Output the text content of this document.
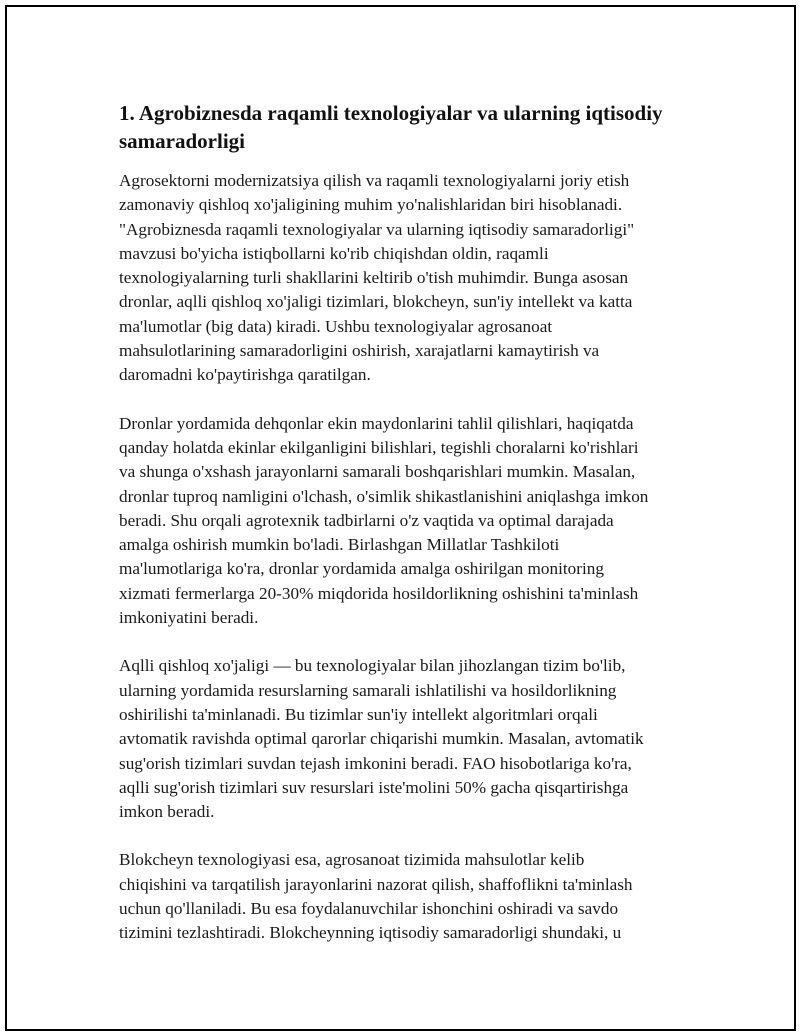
1. Agrobiznesda raqamli texnologiyalar va ularning iqtisodiy
samaradorligi

Agrosektorni modernizatsiya qilish va raqamli texnologiyalarni joriy etish
zamonaviy qishloq xo'jaligining muhim yo'nalishlaridan biri hisoblanadi.
"Agrobiznesda raqamli texnologiyalar va ularning iqtisodiy samaradorligi"
mavzusi bo'yicha istiqbollarni ko'rib chiqishdan oldin, raqamli
texnologiyalarning turli shakllarini keltirib o'tish muhimdir. Bunga asosan
dronlar, aqlli qishloq xo'jaligi tizimlari, blokcheyn, sun'iy intellekt va katta
ma'lumotlar (big data) kiradi. Ushbu texnologiyalar agrosanoat
mahsulotlarining samaradorligini oshirish, xarajatlarni kamaytirish va
daromadni ko'paytirishga qaratilgan.

Dronlar yordamida dehqonlar ekin maydonlarini tahlil qilishlari, haqiqatda
qanday holatda ekinlar ekilganligini bilishlari, tegishli choralarni ko'rishlari
va shunga o'xshash jarayonlarni samarali boshqarishlari mumkin. Masalan,
dronlar tuproq namligini o'lchash, o'simlik shikastlanishini aniqlashga imkon
beradi. Shu orqali agrotexnik tadbirlarni o'z vaqtida va optimal darajada
amalga oshirish mumkin bo'ladi. Birlashgan Millatlar Tashkiloti
ma'lumotlariga ko'ra, dronlar yordamida amalga oshirilgan monitoring
xizmati fermerlarga 20-30% miqdorida hosildorlikning oshishini ta'minlash
imkoniyatini beradi.

Aqlli qishloq xo'jaligi — bu texnologiyalar bilan jihozlangan tizim bo'lib,
ularning yordamida resurslarning samarali ishlatilishi va hosildorlikning
oshirilishi ta'minlanadi. Bu tizimlar sun'iy intellekt algoritmlari orqali
avtomatik ravishda optimal qarorlar chiqarishi mumkin. Masalan, avtomatik
sug'orish tizimlari suvdan tejash imkonini beradi. FAO hisobotlariga ko'ra,
aqlli sug'orish tizimlari suv resurslari iste'molini 50% gacha qisqartirishga
imkon beradi.

Blokcheyn texnologiyasi esa, agrosanoat tizimida mahsulotlar kelib
chiqishini va tarqatilish jarayonlarini nazorat qilish, shaffoflikni ta'minlash
uchun qo'llaniladi. Bu esa foydalanuvchilar ishonchini oshiradi va savdo
tizimini tezlashtiradi. Blokcheynning iqtisodiy samaradorligi shundaki, u
